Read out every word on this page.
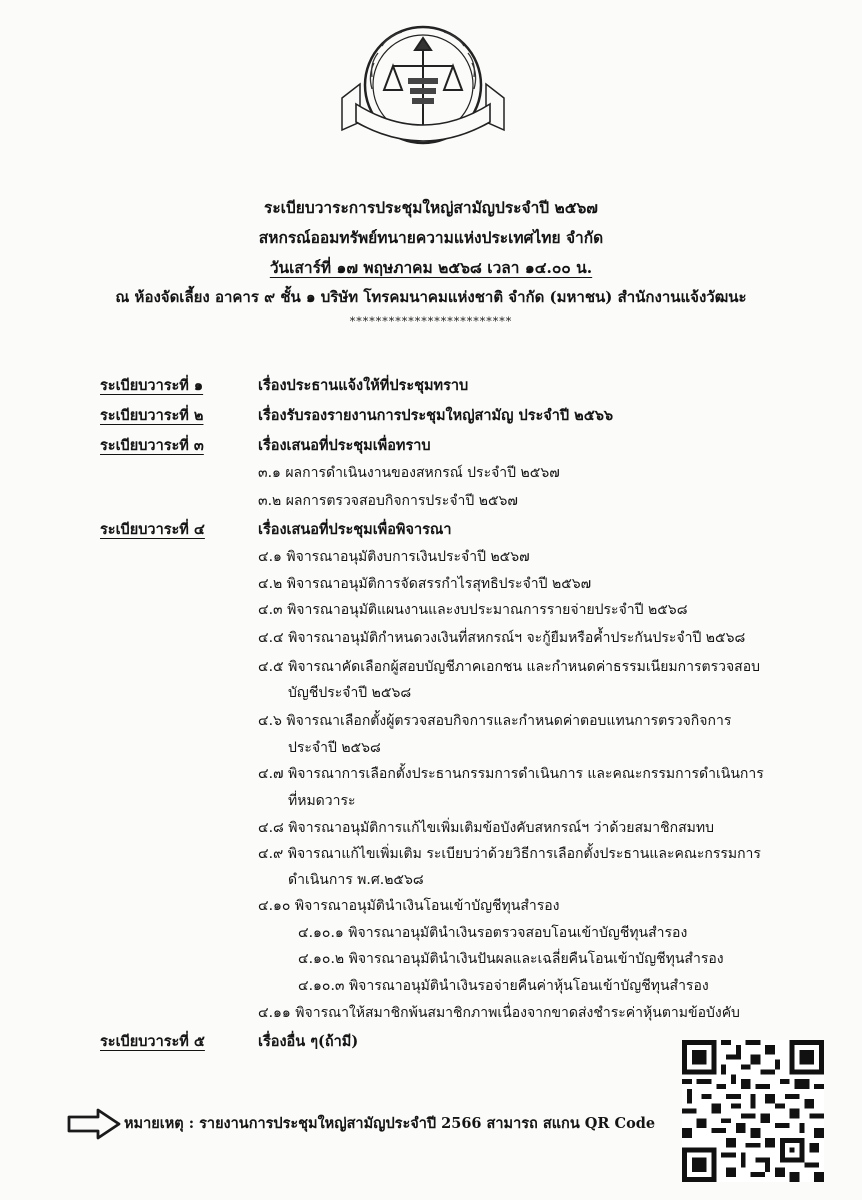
ระเบียบวาระการประชุมใหญ่สามัญประจำปี ๒๕๖๗
สหกรณ์ออมทรัพย์ทนายความแห่งประเทศไทย จำกัด
วันเสาร์ที่ ๑๗ พฤษภาคม ๒๕๖๘ เวลา ๑๔.๐๐ น.
ณ ห้องจัดเลี้ยง อาคาร ๙ ชั้น ๑ บริษัท โทรคมนาคมแห่งชาติ จำกัด (มหาชน) สำนักงานแจ้งวัฒนะ
*************************
ระเบียบวาระที่ ๑	เรื่องประธานแจ้งให้ที่ประชุมทราบ
ระเบียบวาระที่ ๒	เรื่องรับรองรายงานการประชุมใหญ่สามัญ ประจำปี ๒๕๖๖
ระเบียบวาระที่ ๓	เรื่องเสนอที่ประชุมเพื่อทราบ
๓.๑ ผลการดำเนินงานของสหกรณ์ ประจำปี ๒๕๖๗
๓.๒ ผลการตรวจสอบกิจการประจำปี ๒๕๖๗
ระเบียบวาระที่ ๔	เรื่องเสนอที่ประชุมเพื่อพิจารณา
๔.๑ พิจารณาอนุมัติงบการเงินประจำปี ๒๕๖๗
๔.๒ พิจารณาอนุมัติการจัดสรรกำไรสุทธิประจำปี ๒๕๖๗
๔.๓ พิจารณาอนุมัติแผนงานและงบประมาณการรายจ่ายประจำปี ๒๕๖๘
๔.๔ พิจารณาอนุมัติกำหนดวงเงินที่สหกรณ์ฯ จะกู้ยืมหรือค้ำประกันประจำปี ๒๕๖๘
๔.๕ พิจารณาคัดเลือกผู้สอบบัญชีภาคเอกชน และกำหนดค่าธรรมเนียมการตรวจสอบ
บัญชีประจำปี ๒๕๖๘
๔.๖ พิจารณาเลือกตั้งผู้ตรวจสอบกิจการและกำหนดค่าตอบแทนการตรวจกิจการ
ประจำปี ๒๕๖๘
๔.๗ พิจารณาการเลือกตั้งประธานกรรมการดำเนินการ และคณะกรรมการดำเนินการ
ที่หมดวาระ
๔.๘ พิจารณาอนุมัติการแก้ไขเพิ่มเติมข้อบังคับสหกรณ์ฯ ว่าด้วยสมาชิกสมทบ
๔.๙ พิจารณาแก้ไขเพิ่มเติม ระเบียบว่าด้วยวิธีการเลือกตั้งประธานและคณะกรรมการ
ดำเนินการ พ.ศ.๒๕๖๘
๔.๑๐ พิจารณาอนุมัตินำเงินโอนเข้าบัญชีทุนสำรอง
๔.๑๐.๑ พิจารณาอนุมัตินำเงินรอตรวจสอบโอนเข้าบัญชีทุนสำรอง
๔.๑๐.๒ พิจารณาอนุมัตินำเงินปันผลและเฉลี่ยคืนโอนเข้าบัญชีทุนสำรอง
๔.๑๐.๓ พิจารณาอนุมัตินำเงินรอจ่ายคืนค่าหุ้นโอนเข้าบัญชีทุนสำรอง
๔.๑๑ พิจารณาให้สมาชิกพ้นสมาชิกภาพเนื่องจากขาดส่งชำระค่าหุ้นตามข้อบังคับ
ระเบียบวาระที่ ๕	เรื่องอื่น ๆ(ถ้ามี)
หมายเหตุ : รายงานการประชุมใหญ่สามัญประจำปี 2566 สามารถ สแกน QR Code
